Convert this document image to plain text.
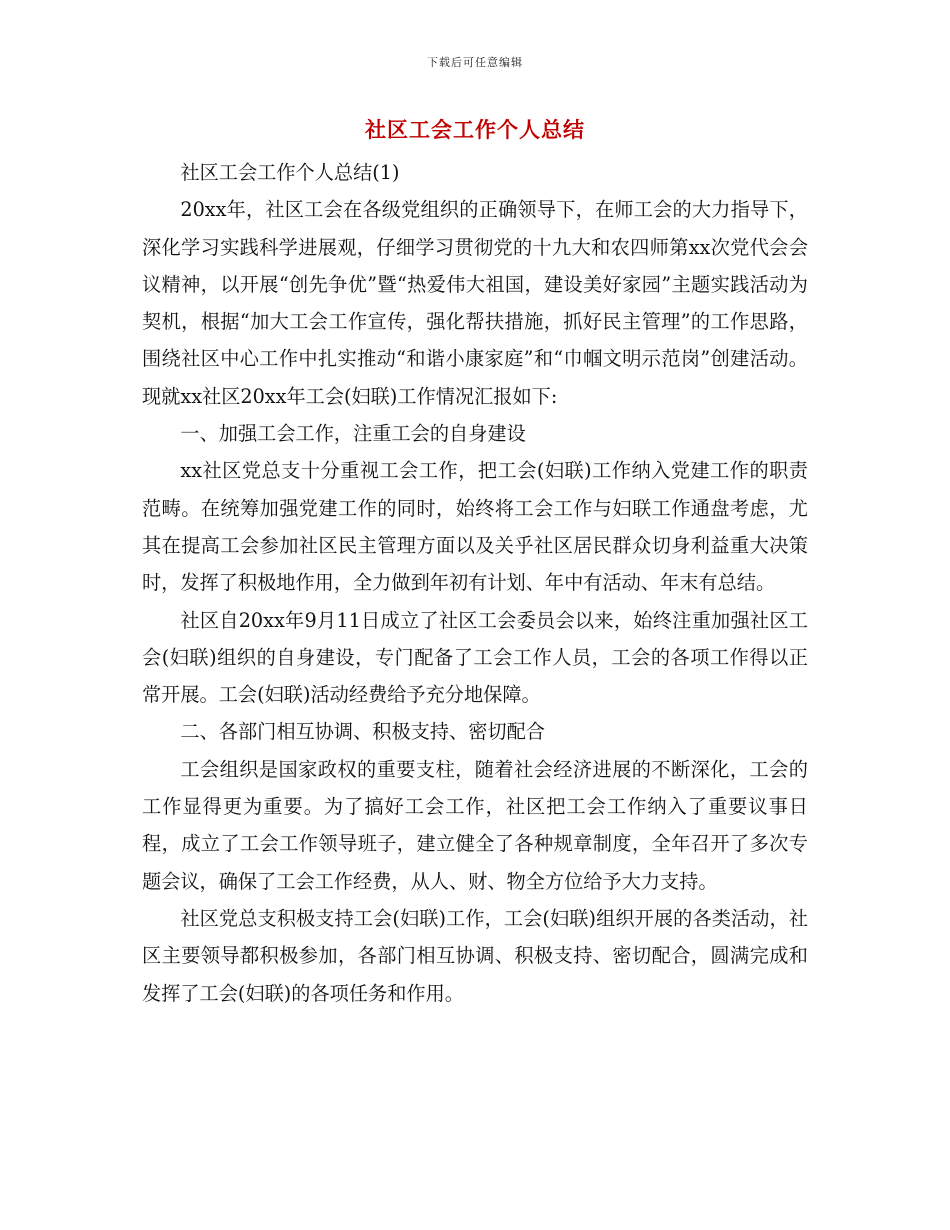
下载后可任意编辑
社区工会工作个人总结

社区工会工作个人总结(1)

20xx年，社区工会在各级党组织的正确领导下，在师工会的大力指导下，深化学习实践科学进展观，仔细学习贯彻党的十九大和农四师第xx次党代会会议精神，以开展“创先争优”暨“热爱伟大祖国，建设美好家园”主题实践活动为契机，根据“加大工会工作宣传，强化帮扶措施，抓好民主管理”的工作思路，围绕社区中心工作中扎实推动“和谐小康家庭”和“巾帼文明示范岗”创建活动。现就xx社区20xx年工会(妇联)工作情况汇报如下:

一、加强工会工作，注重工会的自身建设

xx社区党总支十分重视工会工作，把工会(妇联)工作纳入党建工作的职责范畴。在统筹加强党建工作的同时，始终将工会工作与妇联工作通盘考虑，尤其在提高工会参加社区民主管理方面以及关乎社区居民群众切身利益重大决策时，发挥了积极地作用，全力做到年初有计划、年中有活动、年末有总结。

社区自20xx年9月11日成立了社区工会委员会以来，始终注重加强社区工会(妇联)组织的自身建设，专门配备了工会工作人员，工会的各项工作得以正常开展。工会(妇联)活动经费给予充分地保障。

二、各部门相互协调、积极支持、密切配合

工会组织是国家政权的重要支柱，随着社会经济进展的不断深化，工会的工作显得更为重要。为了搞好工会工作，社区把工会工作纳入了重要议事日程，成立了工会工作领导班子，建立健全了各种规章制度，全年召开了多次专题会议，确保了工会工作经费，从人、财、物全方位给予大力支持。

社区党总支积极支持工会(妇联)工作，工会(妇联)组织开展的各类活动，社区主要领导都积极参加，各部门相互协调、积极支持、密切配合，圆满完成和发挥了工会(妇联)的各项任务和作用。
